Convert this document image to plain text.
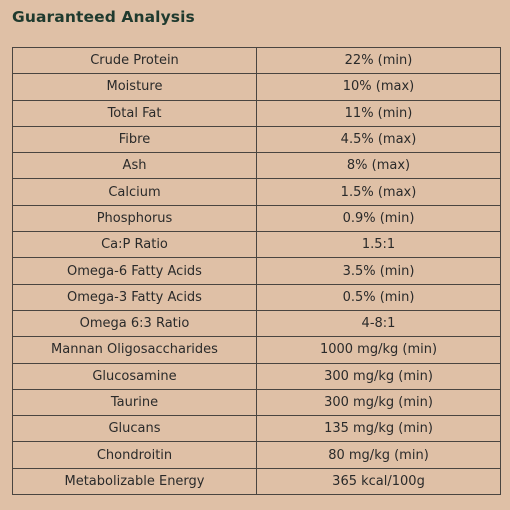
Guaranteed Analysis
Crude Protein	22% (min)
Moisture	10% (max)
Total Fat	11% (min)
Fibre	4.5% (max)
Ash	8% (max)
Calcium	1.5% (max)
Phosphorus	0.9% (min)
Ca:P Ratio	1.5:1
Omega-6 Fatty Acids	3.5% (min)
Omega-3 Fatty Acids	0.5% (min)
Omega 6:3 Ratio	4-8:1
Mannan Oligosaccharides	1000 mg/kg (min)
Glucosamine	300 mg/kg (min)
Taurine	300 mg/kg (min)
Glucans	135 mg/kg (min)
Chondroitin	80 mg/kg (min)
Metabolizable Energy	365 kcal/100g
